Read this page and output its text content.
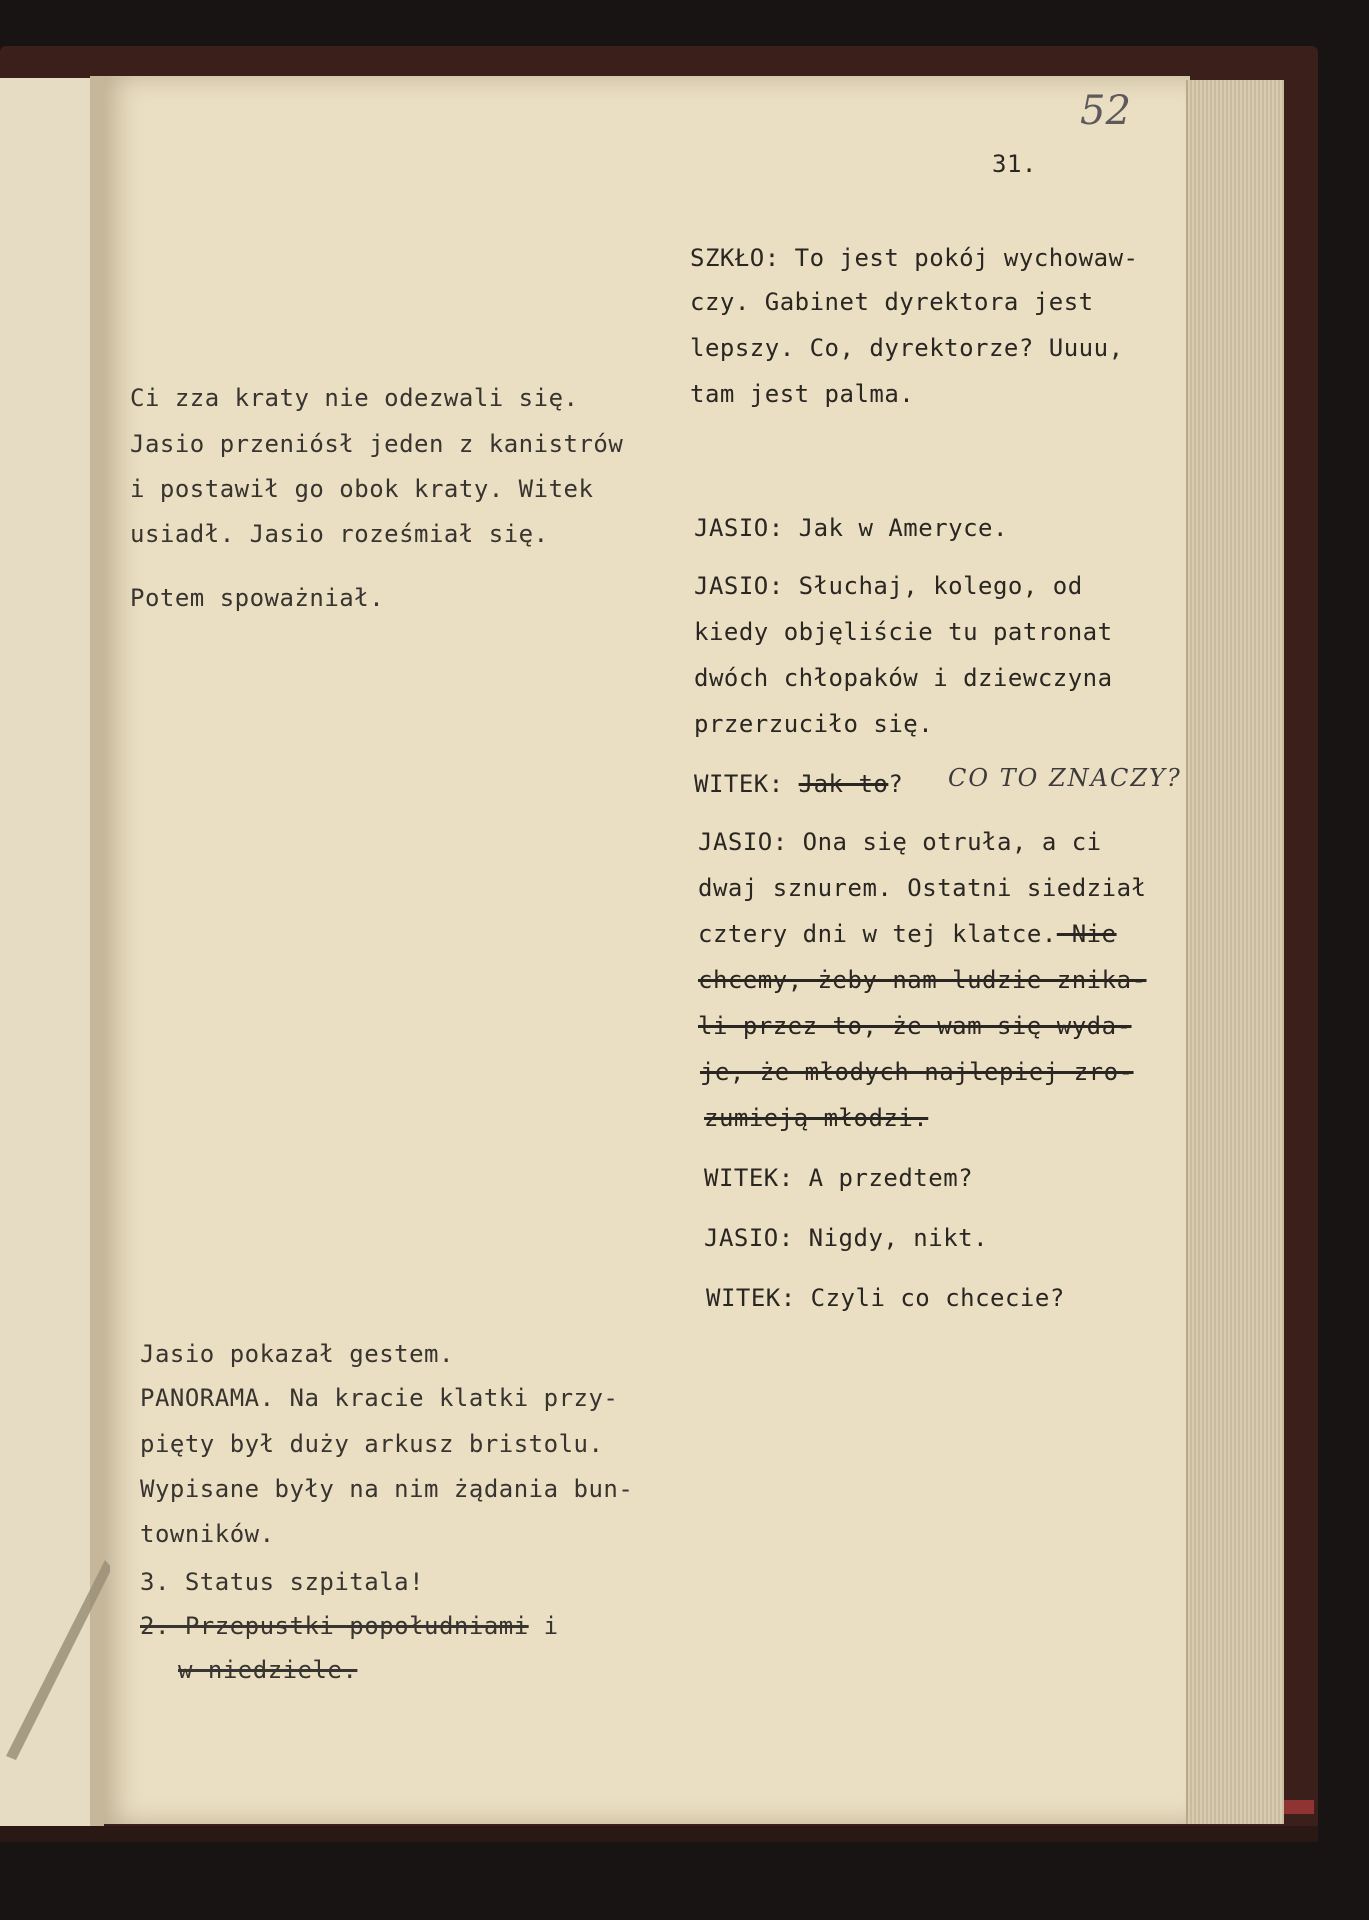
52
31.
Ci zza kraty nie odezwali się.
Jasio przeniósł jeden z kanistrów
i postawił go obok kraty. Witek
usiadł. Jasio roześmiał się.
Potem spoważniał.
Jasio pokazał gestem.
PANORAMA. Na kracie klatki przy-
pięty był duży arkusz bristolu.
Wypisane były na nim żądania bun-
towników.
3. Status szpitala!
2. Przepustki popołudniami i
w niedziele.
SZKŁO: To jest pokój wychowaw-
czy. Gabinet dyrektora jest
lepszy. Co, dyrektorze? Uuuu,
tam jest palma.
JASIO: Jak w Ameryce.
JASIO: Słuchaj, kolego, od
kiedy objęliście tu patronat
dwóch chłopaków i dziewczyna
przerzuciło się.
WITEK: Jak to? CO TO ZNACZY?
JASIO: Ona się otruła, a ci
dwaj sznurem. Ostatni siedział
cztery dni w tej klatce. Nie
chcemy, żeby nam ludzie znika-
li przez to, że wam się wyda-
je, że młodych najlepiej zro-
zumieją młodzi.
WITEK: A przedtem?
JASIO: Nigdy, nikt.
WITEK: Czyli co chcecie?
